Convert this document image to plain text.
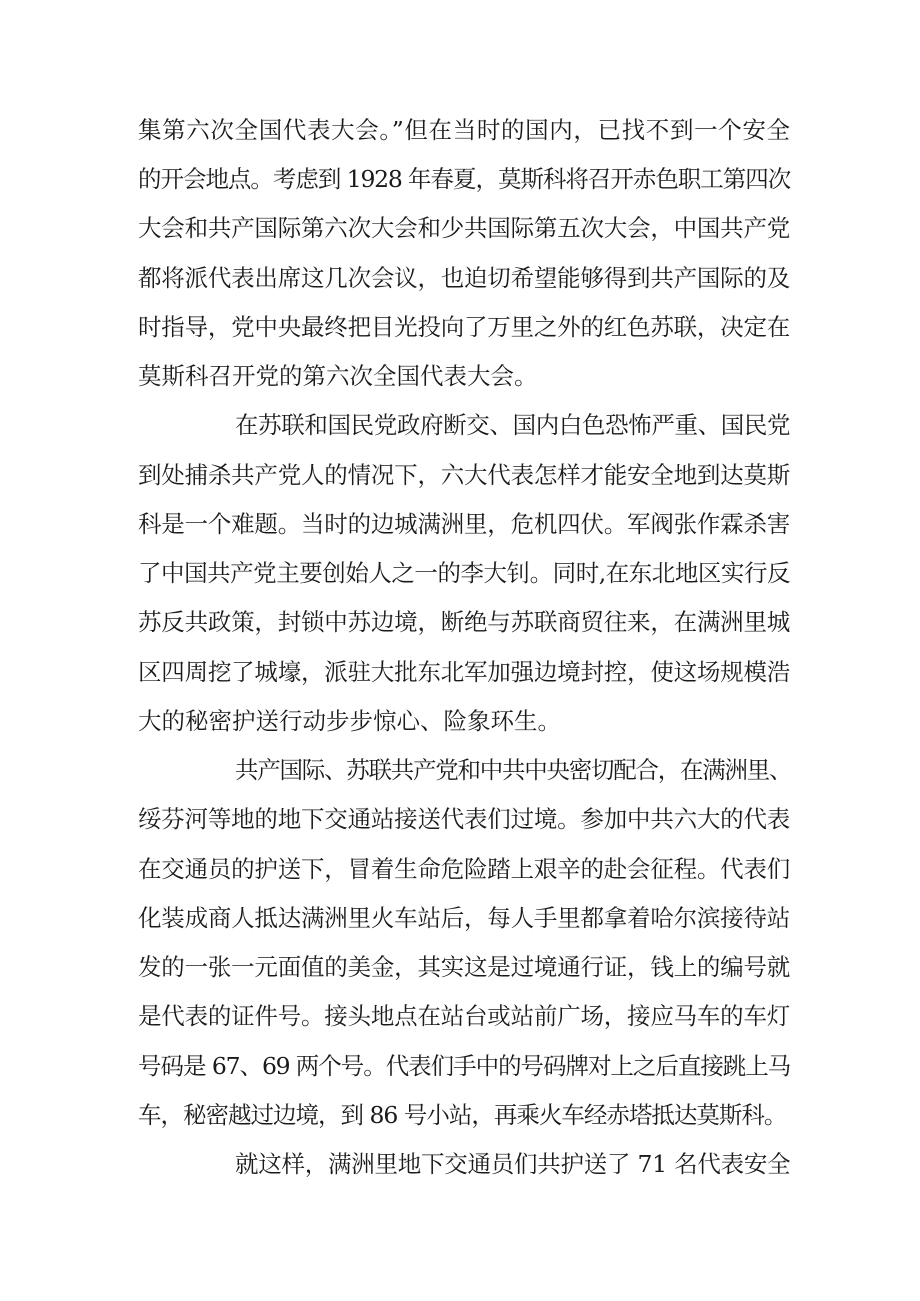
集第六次全国代表大会。”但在当时的国内，已找不到一个安全
的开会地点。考虑到 1928 年春夏，莫斯科将召开赤色职工第四次
大会和共产国际第六次大会和少共国际第五次大会，中国共产党
都将派代表出席这几次会议，也迫切希望能够得到共产国际的及
时指导，党中央最终把目光投向了万里之外的红色苏联，决定在
莫斯科召开党的第六次全国代表大会。
在苏联和国民党政府断交、国内白色恐怖严重、国民党
到处捕杀共产党人的情况下，六大代表怎样才能安全地到达莫斯
科是一个难题。当时的边城满洲里，危机四伏。军阀张作霖杀害
了中国共产党主要创始人之一的李大钊。同时,在东北地区实行反
苏反共政策，封锁中苏边境，断绝与苏联商贸往来，在满洲里城
区四周挖了城壕，派驻大批东北军加强边境封控，使这场规模浩
大的秘密护送行动步步惊心、险象环生。
共产国际、苏联共产党和中共中央密切配合，在满洲里、
绥芬河等地的地下交通站接送代表们过境。参加中共六大的代表
在交通员的护送下，冒着生命危险踏上艰辛的赴会征程。代表们
化装成商人抵达满洲里火车站后，每人手里都拿着哈尔滨接待站
发的一张一元面值的美金，其实这是过境通行证，钱上的编号就
是代表的证件号。接头地点在站台或站前广场，接应马车的车灯
号码是 67、69 两个号。代表们手中的号码牌对上之后直接跳上马
车，秘密越过边境，到 86 号小站，再乘火车经赤塔抵达莫斯科。
就这样，满洲里地下交通员们共护送了 71 名代表安全
